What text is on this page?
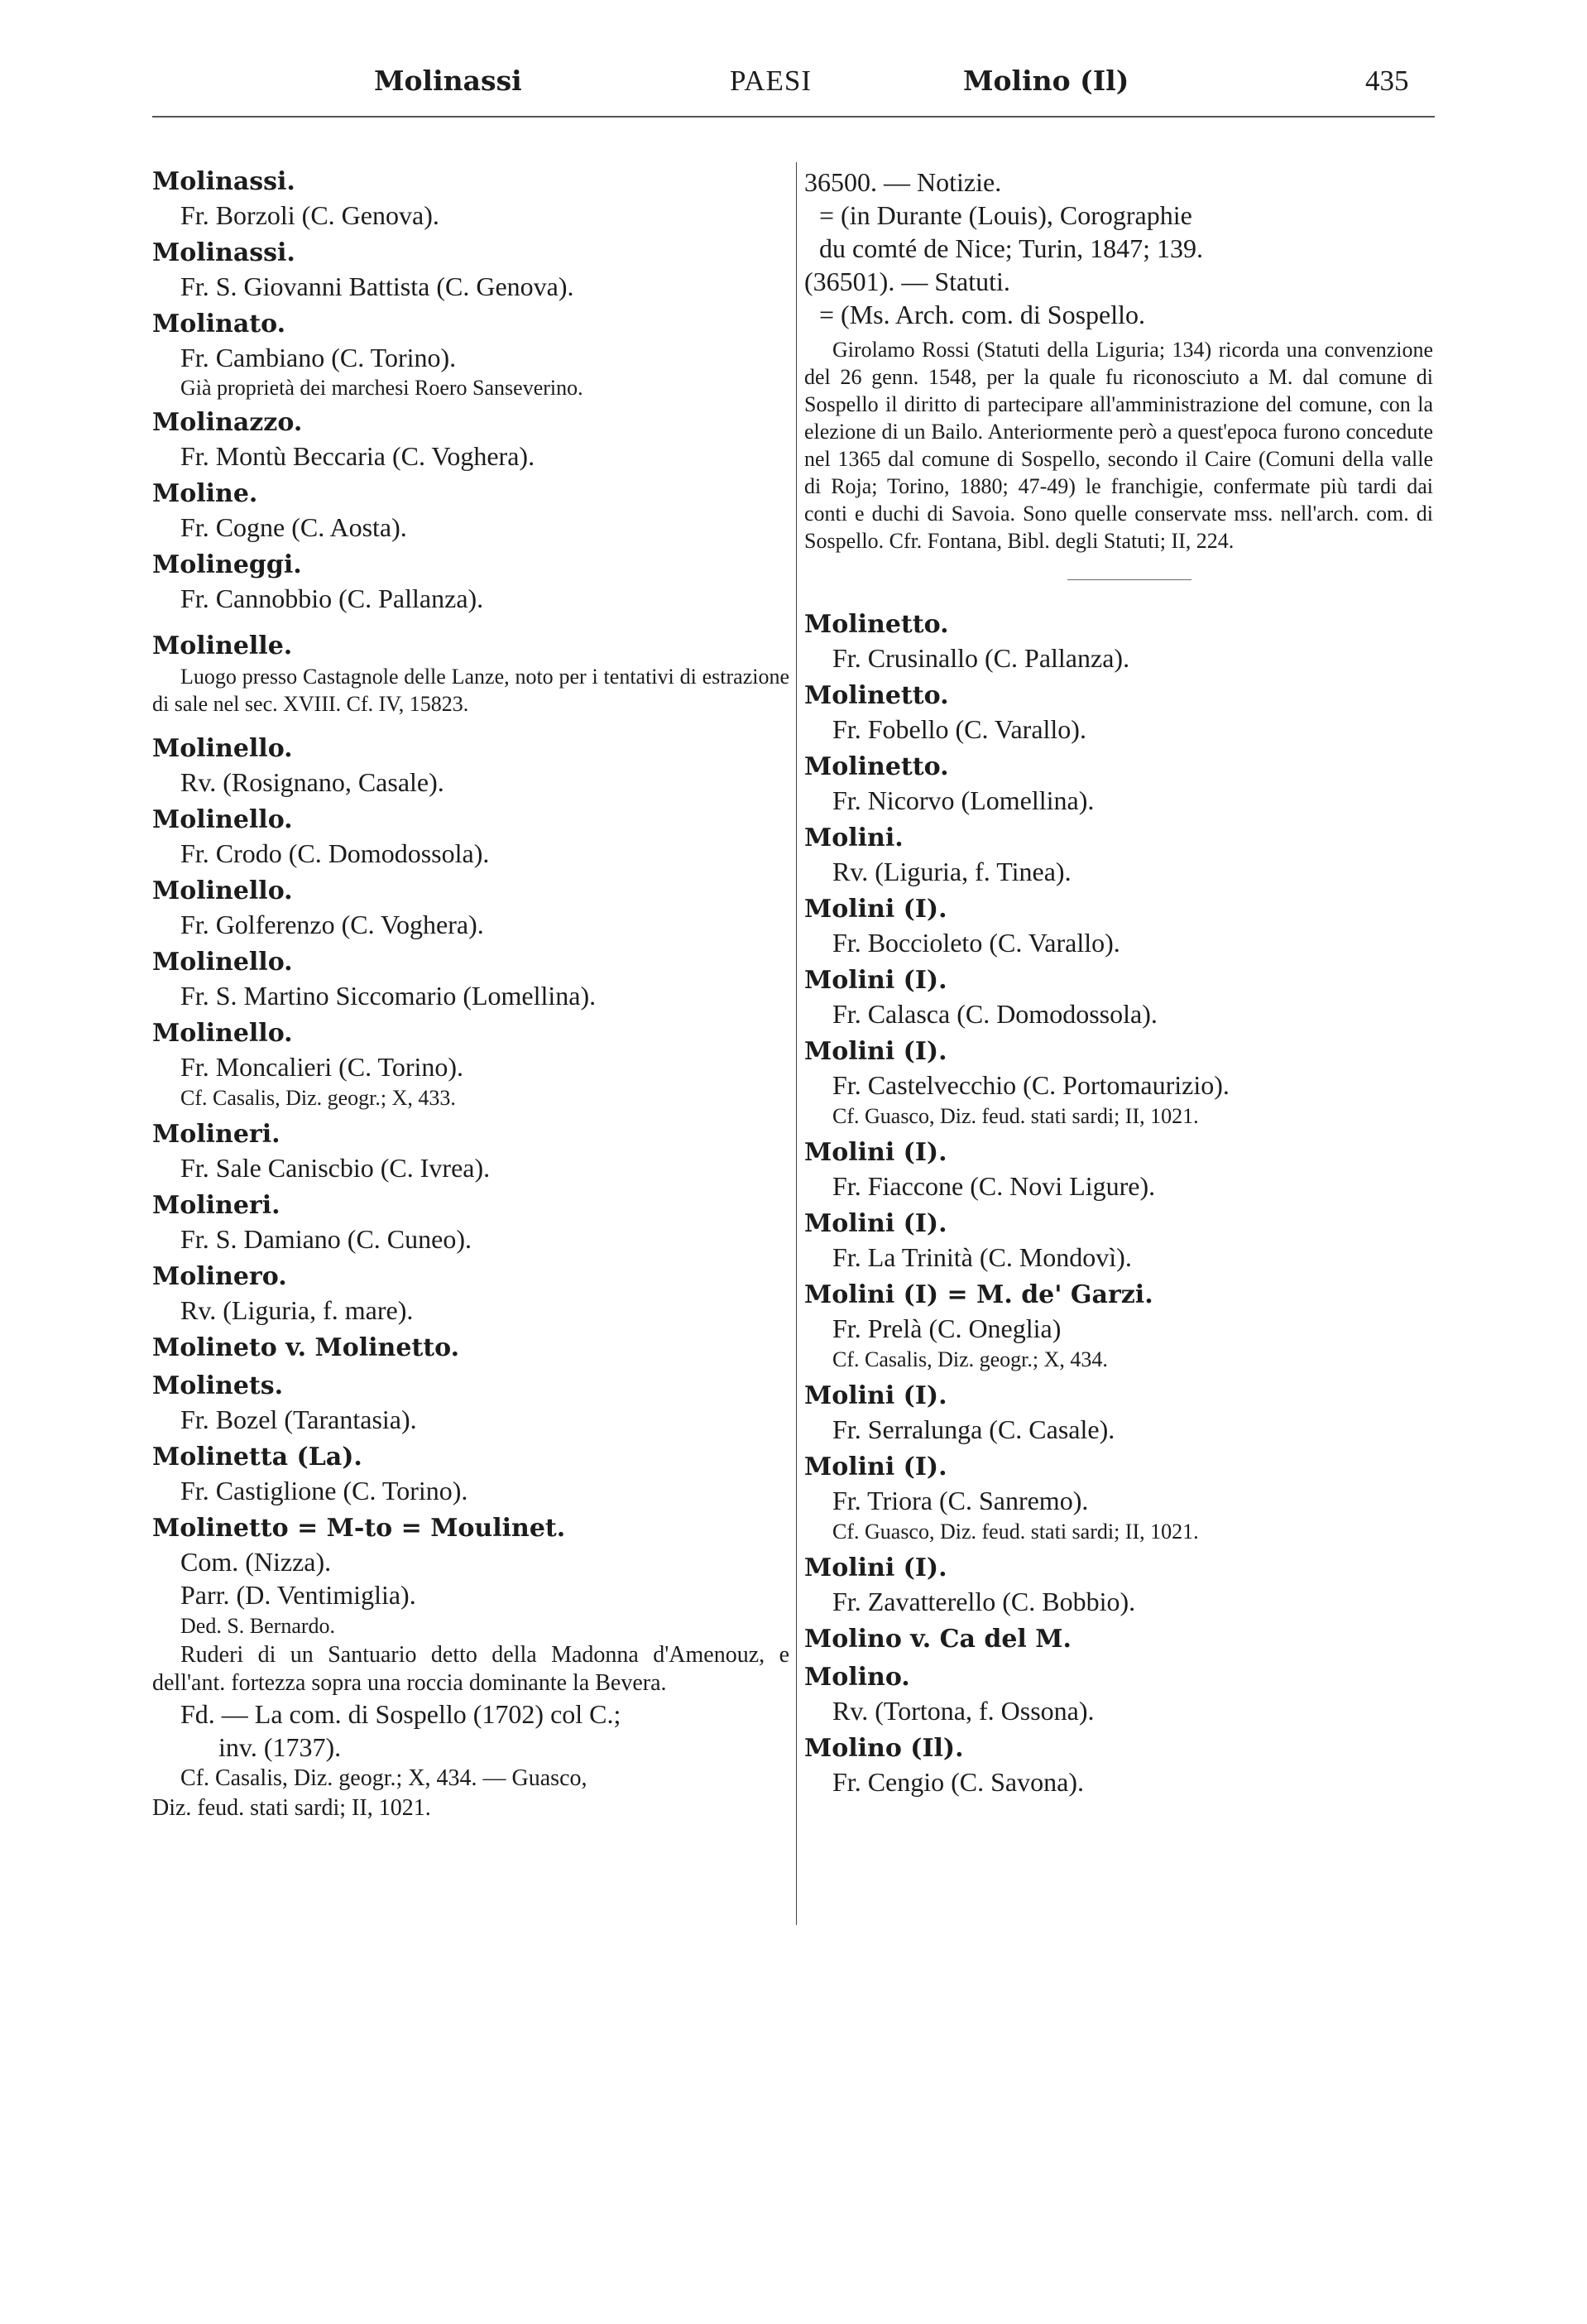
Molinassi	PAESI	Molino (Il)	435
Molinassi.
Fr. Borzoli (C. Genova).
Molinassi.
Fr. S. Giovanni Battista (C. Genova).
Molinato.
Fr. Cambiano (C. Torino).
Già proprietà dei marchesi Roero Sanseverino.
Molinazzo.
Fr. Montù Beccaria (C. Voghera).
Moline.
Fr. Cogne (C. Aosta).
Molineggi.
Fr. Cannobbio (C. Pallanza).
Molinelle.
Luogo presso Castagnole delle Lanze, noto per i tentativi di estrazione di sale nel sec. XVIII. Cf. IV, 15823.
Molinello.
Rv. (Rosignano, Casale).
Molinello.
Fr. Crodo (C. Domodossola).
Molinello.
Fr. Golferenzo (C. Voghera).
Molinello.
Fr. S. Martino Siccomario (Lomellina).
Molinello.
Fr. Moncalieri (C. Torino).
Cf. Casalis, Diz. geogr.; X, 433.
Molineri.
Fr. Sale Caniscbio (C. Ivrea).
Molineri.
Fr. S. Damiano (C. Cuneo).
Molinero.
Rv. (Liguria, f. mare).
Molineto v. Molinetto.
Molinets.
Fr. Bozel (Tarantasia).
Molinetta (La).
Fr. Castiglione (C. Torino).
Molinetto = M-to = Moulinet.
Com. (Nizza).
Parr. (D. Ventimiglia).
Ded. S. Bernardo.
Ruderi di un Santuario detto della Madonna d'Amenouz, e dell'ant. fortezza sopra una roccia dominante la Bevera.
Fd. — La com. di Sospello (1702) col C.;
inv. (1737).
Cf. Casalis, Diz. geogr.; X, 434. — Guasco,
Diz. feud. stati sardi; II, 1021.
36500. — Notizie.
= (in Durante (Louis), Corographie
du comté de Nice; Turin, 1847; 139.
(36501). — Statuti.
= (Ms. Arch. com. di Sospello.
Girolamo Rossi (Statuti della Liguria; 134) ricorda una convenzione del 26 genn. 1548, per la quale fu riconosciuto a M. dal comune di Sospello il diritto di partecipare all'amministrazione del comune, con la elezione di un Bailo. Anteriormente però a quest'epoca furono concedute nel 1365 dal comune di Sospello, secondo il Caire (Comuni della valle di Roja; Torino, 1880; 47-49) le franchigie, confermate più tardi dai conti e duchi di Savoia. Sono quelle conservate mss. nell'arch. com. di Sospello. Cfr. Fontana, Bibl. degli Statuti; II, 224.
Molinetto.
Fr. Crusinallo (C. Pallanza).
Molinetto.
Fr. Fobello (C. Varallo).
Molinetto.
Fr. Nicorvo (Lomellina).
Molini.
Rv. (Liguria, f. Tinea).
Molini (I).
Fr. Boccioleto (C. Varallo).
Molini (I).
Fr. Calasca (C. Domodossola).
Molini (I).
Fr. Castelvecchio (C. Portomaurizio).
Cf. Guasco, Diz. feud. stati sardi; II, 1021.
Molini (I).
Fr. Fiaccone (C. Novi Ligure).
Molini (I).
Fr. La Trinità (C. Mondovì).
Molini (I) = M. de' Garzi.
Fr. Prelà (C. Oneglia)
Cf. Casalis, Diz. geogr.; X, 434.
Molini (I).
Fr. Serralunga (C. Casale).
Molini (I).
Fr. Triora (C. Sanremo).
Cf. Guasco, Diz. feud. stati sardi; II, 1021.
Molini (I).
Fr. Zavatterello (C. Bobbio).
Molino v. Ca del M.
Molino.
Rv. (Tortona, f. Ossona).
Molino (Il).
Fr. Cengio (C. Savona).
